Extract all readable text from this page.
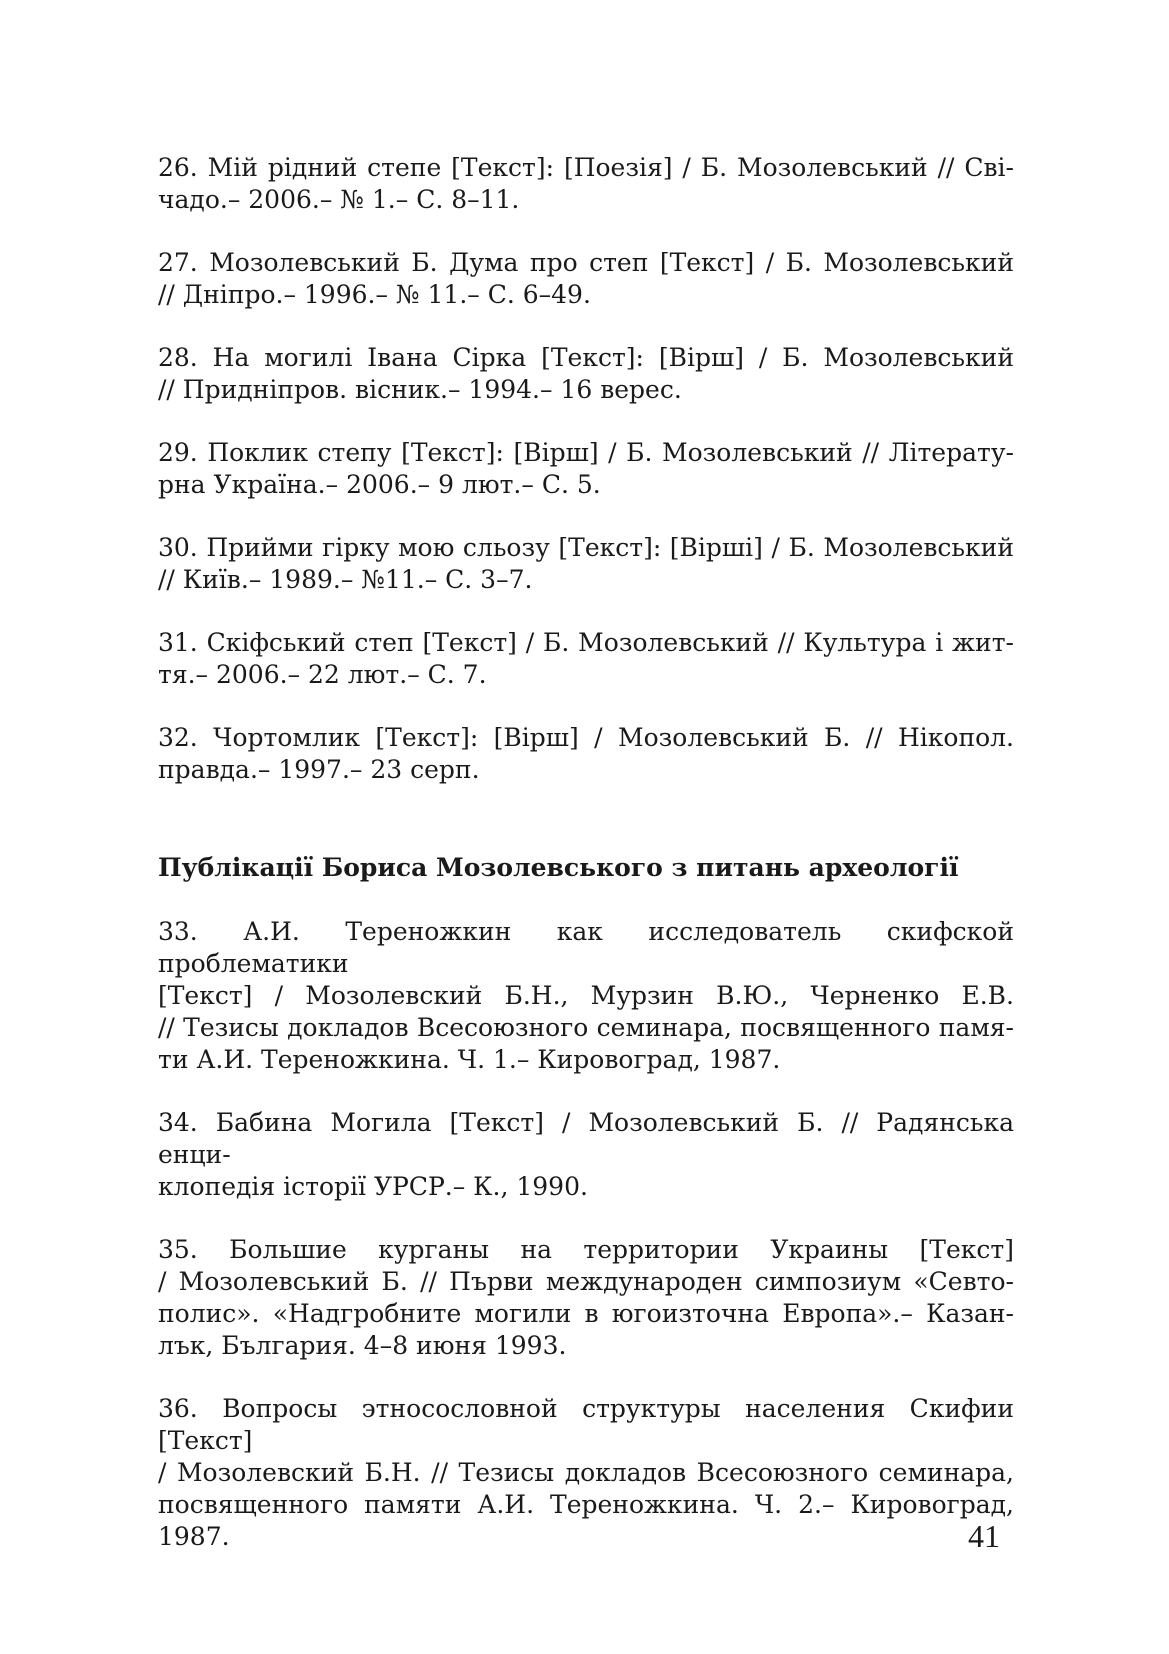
26. Мій рідний степе [Текст]: [Поезія] / Б. Мозолевський // Сві-
чадо.– 2006.– № 1.– С. 8–11.
27. Мозолевський Б. Дума про степ [Текст] / Б. Мозолевський
// Дніпро.– 1996.– № 11.– С. 6–49.
28. На могилі Івана Сірка [Текст]: [Вірш] / Б. Мозолевський
// Придніпров. вісник.– 1994.– 16 верес.
29. Поклик степу [Текст]: [Вірш] / Б. Мозолевський // Літерату-
рна Україна.– 2006.– 9 лют.– С. 5.
30. Прийми гірку мою сльозу [Текст]: [Вірші] / Б. Мозолевський
// Київ.– 1989.– №11.– С. 3–7.
31. Скіфський степ [Текст] / Б. Мозолевський // Культура і жит-
тя.– 2006.– 22 лют.– С. 7.
32. Чортомлик [Текст]: [Вірш] / Мозолевський Б. // Нікопол.
правда.– 1997.– 23 серп.
Публікації Бориса Мозолевського з питань археології
33. А.И. Тереножкин как исследователь скифской проблематики
[Текст] / Мозолевский Б.Н., Мурзин В.Ю., Черненко Е.В.
// Тезисы докладов Всесоюзного семинара, посвященного памя-
ти А.И. Тереножкина. Ч. 1.– Кировоград, 1987.
34. Бабина Могила [Текст] / Мозолевський Б. // Радянська енци-
клопедія історії УРСР.– К., 1990.
35. Большие курганы на территории Украины [Текст]
/ Мозолевський Б. // Първи международен симпозиум «Севто-
полис». «Надгробните могили в югоизточна Европа».– Казан-
лък, България. 4–8 июня 1993.
36. Вопросы этносословной структуры населения Скифии [Текст]
/ Мозолевский Б.Н. // Тезисы докладов Всесоюзного семинара,
посвященного памяти А.И. Тереножкина. Ч. 2.– Кировоград, 1987.	41
